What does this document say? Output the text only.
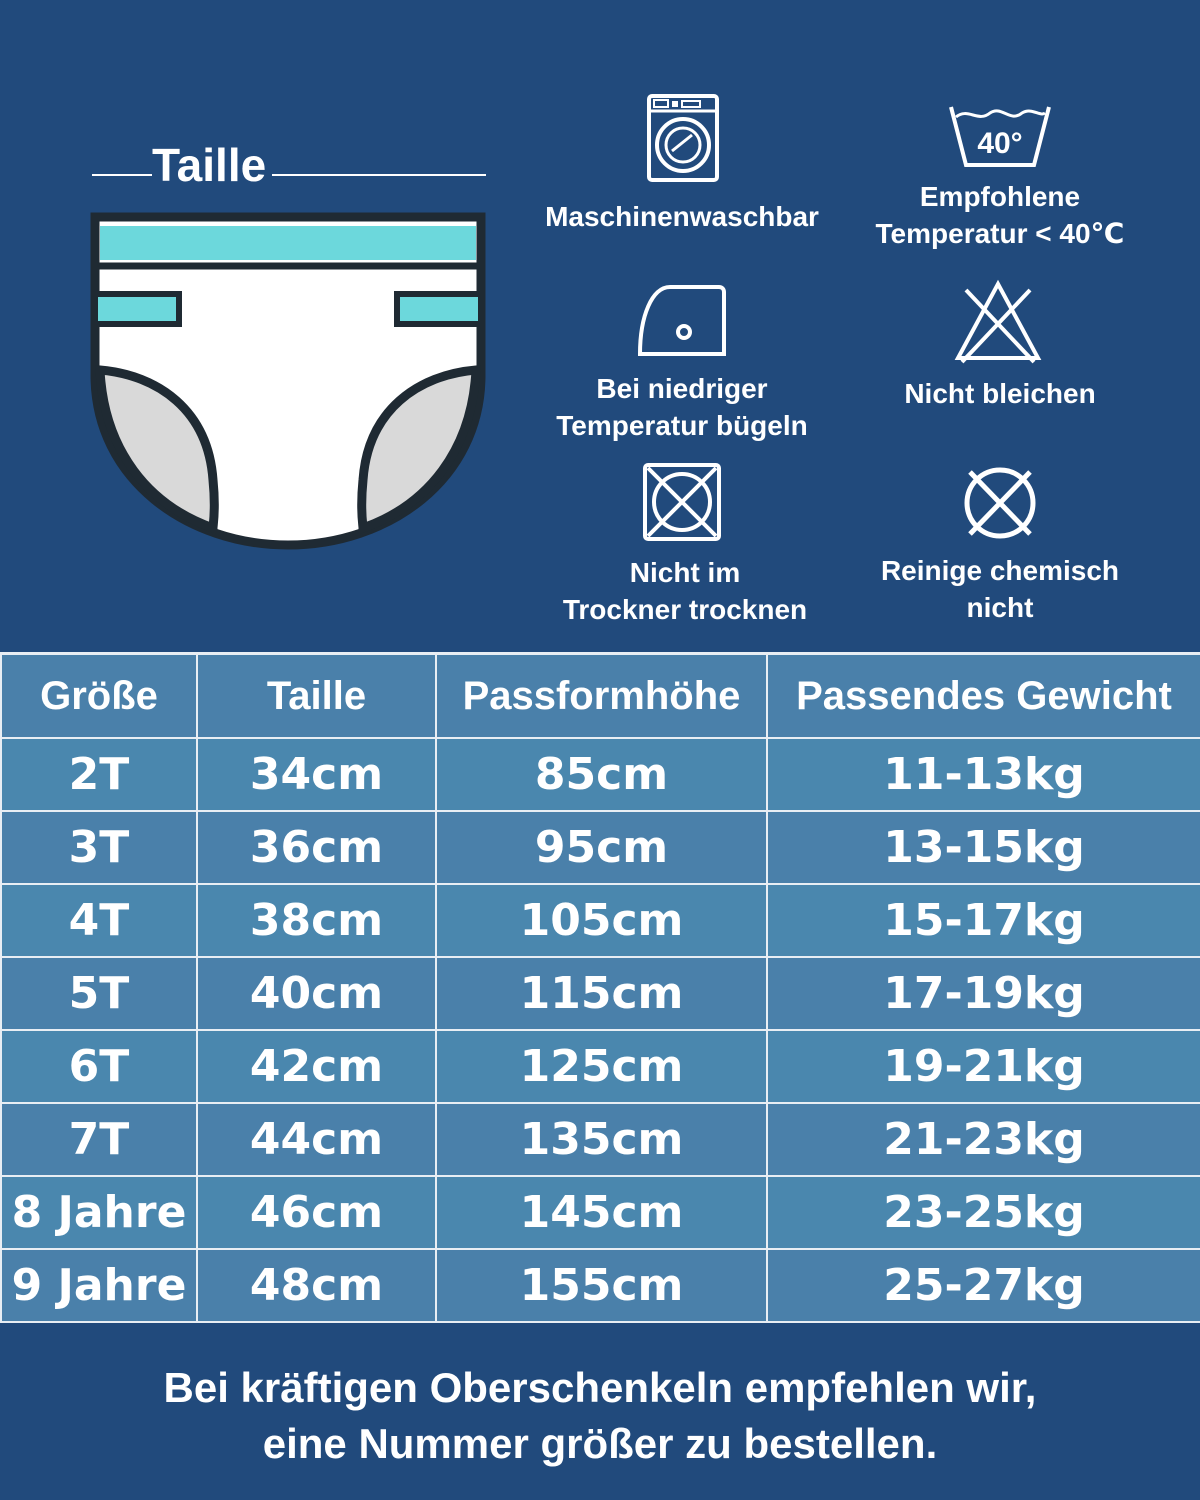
Taille
Maschinenwaschbar
40°
Empfohlene
Temperatur < 40℃
Bei niedriger
Temperatur bügeln
Nicht bleichen
Nicht im
Trockner trocknen
Reinige chemisch
nicht
Größe	Taille	Passformhöhe	Passendes Gewicht
2T	34cm	85cm	11-13kg
3T	36cm	95cm	13-15kg
4T	38cm	105cm	15-17kg
5T	40cm	115cm	17-19kg
6T	42cm	125cm	19-21kg
7T	44cm	135cm	21-23kg
8 Jahre	46cm	145cm	23-25kg
9 Jahre	48cm	155cm	25-27kg
Bei kräftigen Oberschenkeln empfehlen wir,
eine Nummer größer zu bestellen.
